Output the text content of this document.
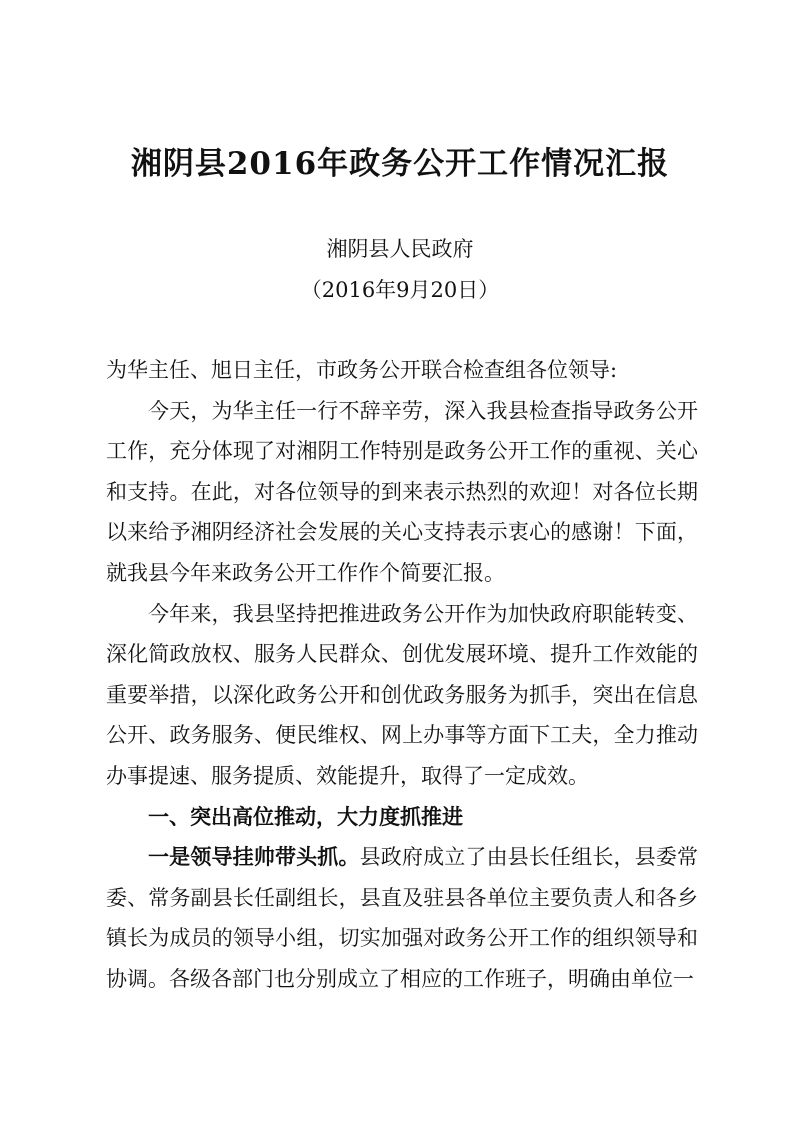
湘阴县2016年政务公开工作情况汇报
湘阴县人民政府
（2016年9月20日）

为华主任、旭日主任，市政务公开联合检查组各位领导:

今天，为华主任一行不辞辛劳，深入我县检查指导政务公开工作，充分体现了对湘阴工作特别是政务公开工作的重视、关心和支持。在此，对各位领导的到来表示热烈的欢迎！对各位长期以来给予湘阴经济社会发展的关心支持表示衷心的感谢！下面，就我县今年来政务公开工作作个简要汇报。

今年来，我县坚持把推进政务公开作为加快政府职能转变、深化简政放权、服务人民群众、创优发展环境、提升工作效能的重要举措，以深化政务公开和创优政务服务为抓手，突出在信息公开、政务服务、便民维权、网上办事等方面下工夫，全力推动办事提速、服务提质、效能提升，取得了一定成效。

一、突出高位推动，大力度抓推进

一是领导挂帅带头抓。县政府成立了由县长任组长，县委常委、常务副县长任副组长，县直及驻县各单位主要负责人和各乡镇长为成员的领导小组，切实加强对政务公开工作的组织领导和协调。各级各部门也分别成立了相应的工作班子，明确由单位一
